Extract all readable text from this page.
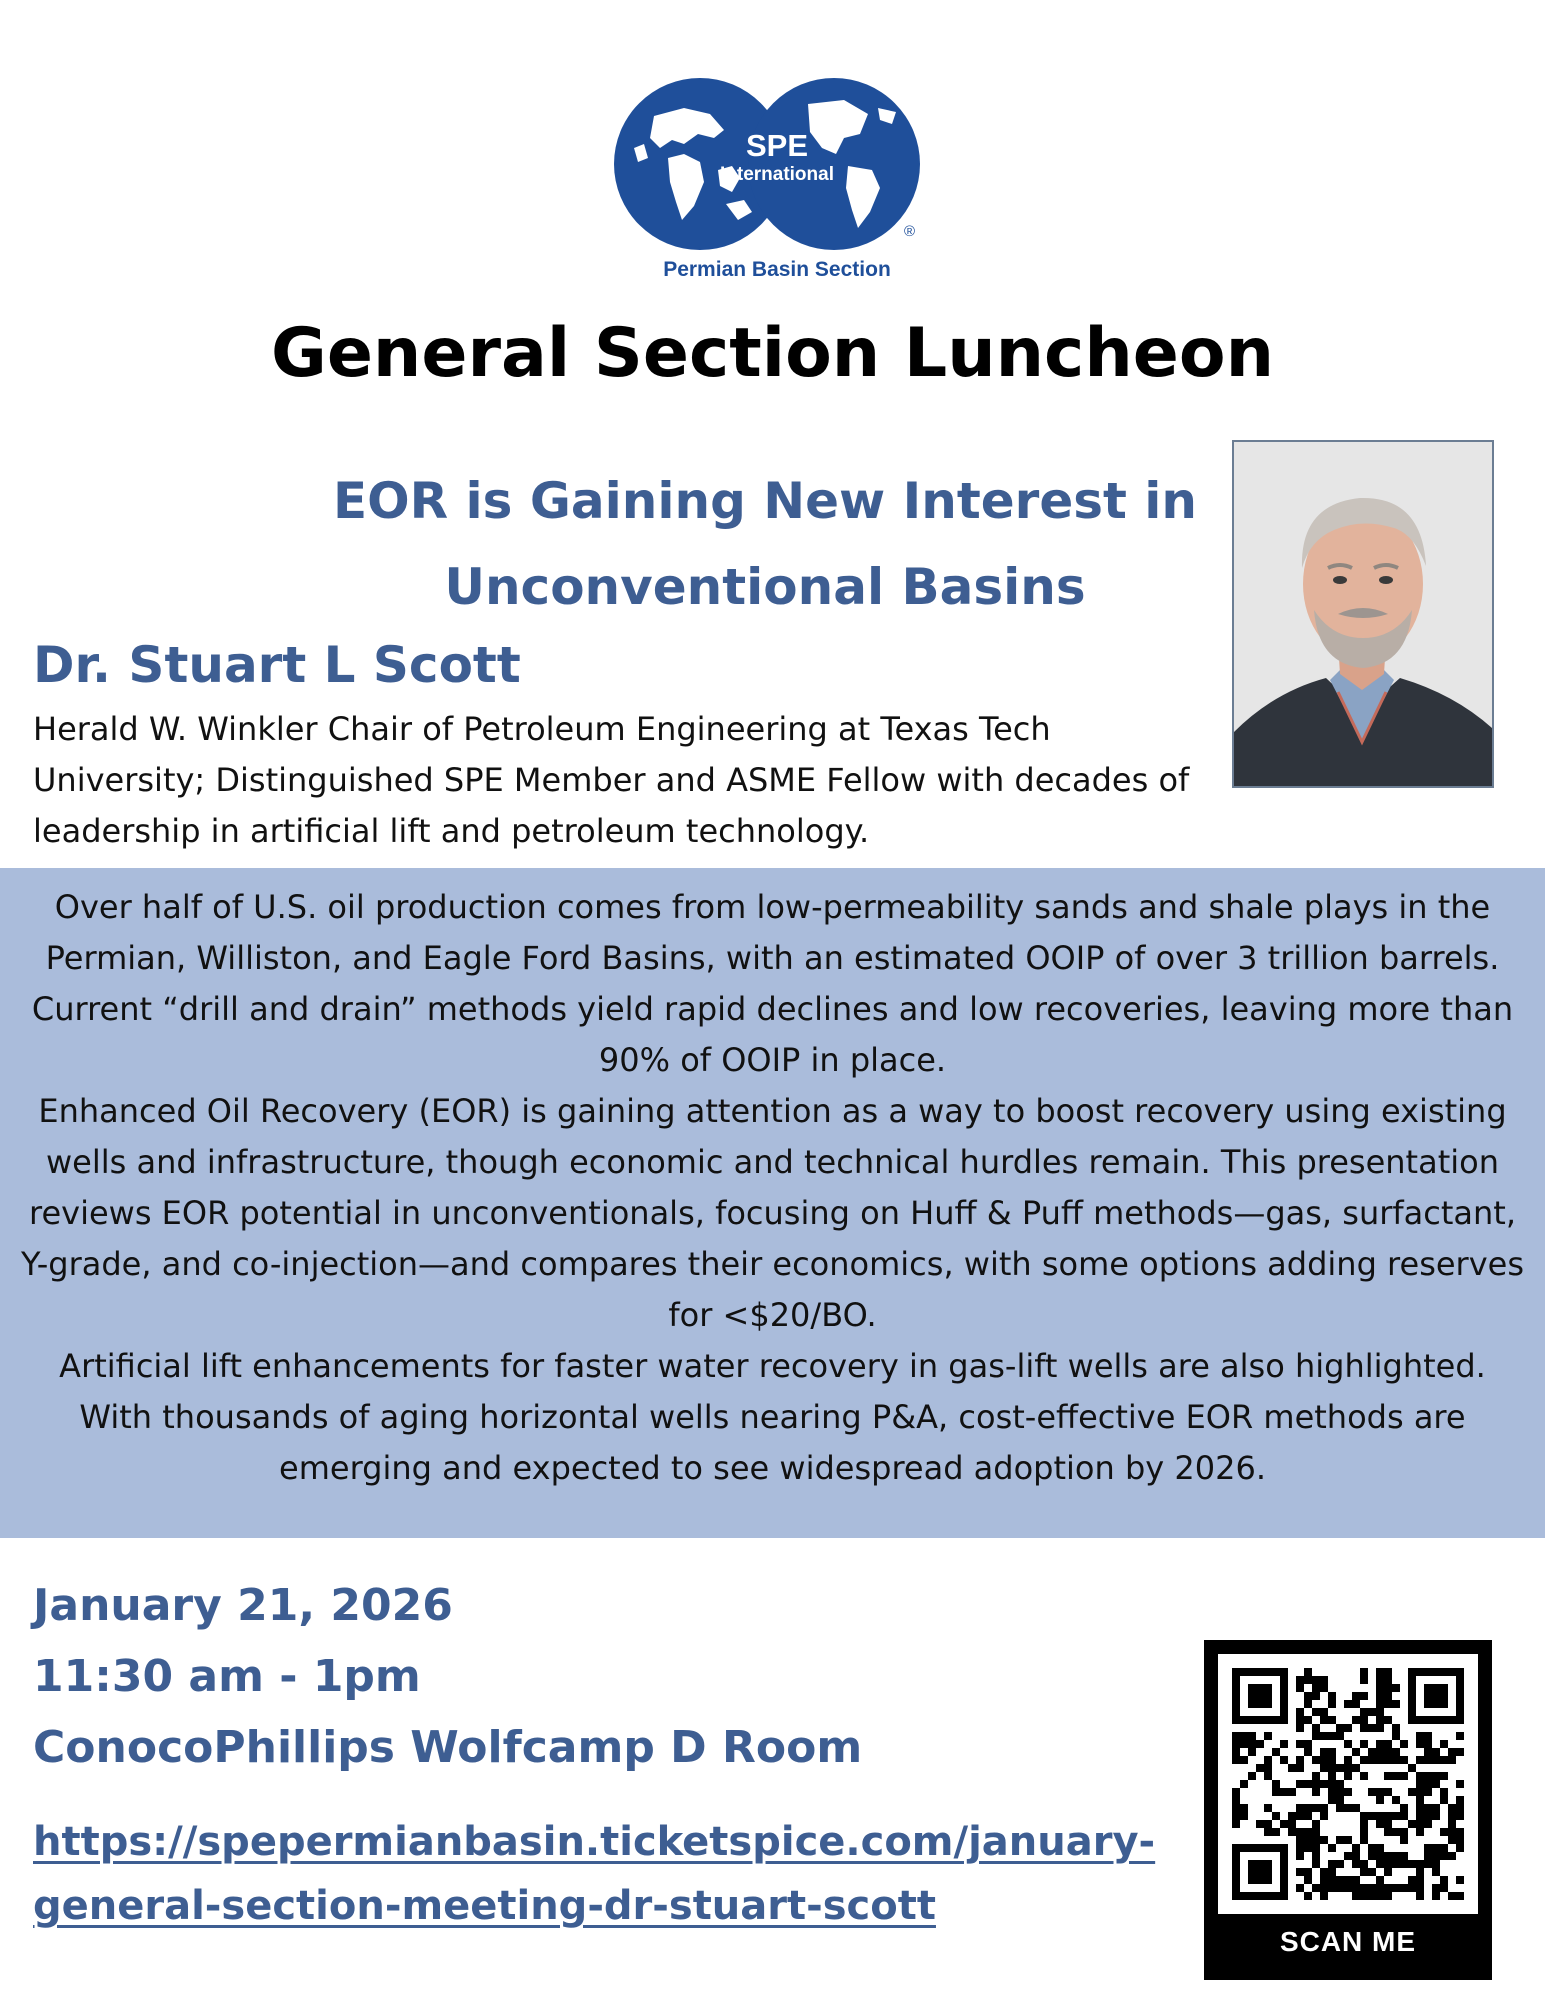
SPE
International
®
Permian Basin Section
General Section Luncheon
EOR is Gaining New Interest in
Unconventional Basins
Dr. Stuart L Scott
Herald W. Winkler Chair of Petroleum Engineering at Texas Tech
University; Distinguished SPE Member and ASME Fellow with decades of
leadership in artificial lift and petroleum technology.

Over half of U.S. oil production comes from low-permeability sands and shale plays in the Permian, Williston, and Eagle Ford Basins, with an estimated OOIP of over 3 trillion barrels. Current “drill and drain” methods yield rapid declines and low recoveries, leaving more than 90% of OOIP in place.

Enhanced Oil Recovery (EOR) is gaining attention as a way to boost recovery using existing wells and infrastructure, though economic and technical hurdles remain. This presentation reviews EOR potential in unconventionals, focusing on Huff & Puff methods—gas, surfactant, Y-grade, and co-injection—and compares their economics, with some options adding reserves for <$20/BO.

Artificial lift enhancements for faster water recovery in gas-lift wells are also highlighted. With thousands of aging horizontal wells nearing P&A, cost-effective EOR methods are emerging and expected to see widespread adoption by 2026.

January 21, 2026
11:30 am - 1pm
ConocoPhillips Wolfcamp D Room
https://spepermianbasin.ticketspice.com/january-
general-section-meeting-dr-stuart-scott
SCAN ME
